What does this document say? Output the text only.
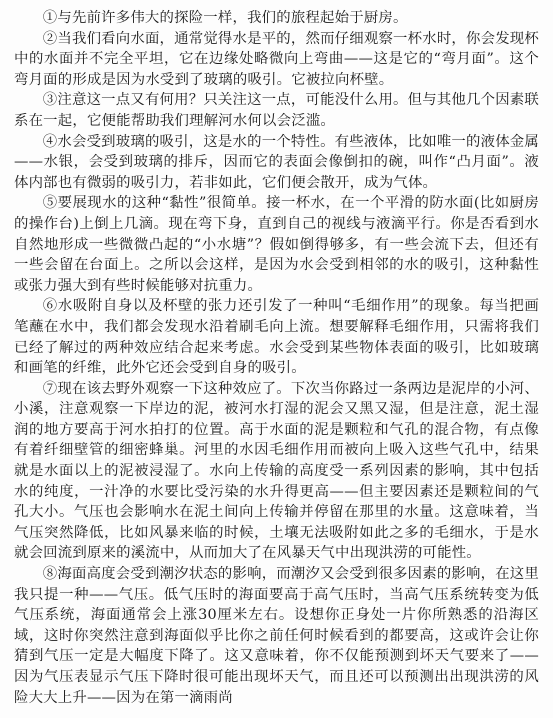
①与先前许多伟大的探险一样，我们的旅程起始于厨房。

②当我们看向水面，通常觉得水是平的，然而仔细观察一杯水时，你会发现杯中的水面并不完全平坦，它在边缘处略微向上弯曲——这是它的“弯月面”。这个弯月面的形成是因为水受到了玻璃的吸引。它被拉向杯壁。

③注意这一点又有何用？只关注这一点，可能没什么用。但与其他几个因素联系在一起，它便能帮助我们理解河水何以会泛滥。

④水会受到玻璃的吸引，这是水的一个特性。有些液体，比如唯一的液体金属——水银，会受到玻璃的排斥，因而它的表面会像倒扣的碗，叫作“凸月面”。液体内部也有微弱的吸引力，若非如此，它们便会散开，成为气体。

⑤要展现水的这种“黏性”很简单。接一杯水，在一个平滑的防水面(比如厨房的操作台)上倒上几滴。现在弯下身，直到自己的视线与液滴平行。你是否看到水自然地形成一些微微凸起的“小水塘”？假如倒得够多，有一些会流下去，但还有一些会留在台面上。之所以会这样，是因为水会受到相邻的水的吸引，这种黏性或张力强大到有些时候能够对抗重力。

⑥水吸附自身以及杯壁的张力还引发了一种叫“毛细作用”的现象。每当把画笔蘸在水中，我们都会发现水沿着刷毛向上流。想要解释毛细作用，只需将我们已经了解过的两种效应结合起来考虑。水会受到某些物体表面的吸引，比如玻璃和画笔的纤维，此外它还会受到自身的吸引。

⑦现在该去野外观察一下这种效应了。下次当你路过一条两边是泥岸的小河、小溪，注意观察一下岸边的泥，被河水打湿的泥会又黑又湿，但是注意，泥土湿润的地方要高于河水拍打的位置。高于水面的泥是颗粒和气孔的混合物，有点像有着纤细壁管的细密蜂巢。河里的水因毛细作用而被向上吸入这些气孔中，结果就是水面以上的泥被浸湿了。水向上传输的高度受一系列因素的影响，其中包括水的纯度，一汁净的水要比受污染的水升得更高——但主要因素还是颗粒间的气孔大小。气压也会影响水在泥土间向上传输并停留在那里的水量。这意味着，当气压突然降低，比如风暴来临的时候，土壤无法吸附如此之多的毛细水，于是水就会回流到原来的溪流中，从而加大了在风暴天气中出现洪涝的可能性。

⑧海面高度会受到潮汐状态的影响，而潮汐又会受到很多因素的影响，在这里我只提一种——气压。低气压时的海面要高于高气压时，当高气压系统转变为低气压系统，海面通常会上涨30厘米左右。设想你正身处一片你所熟悉的沿海区域，这时你突然注意到海面似乎比你之前任何时候看到的都要高，这或许会让你猜到气压一定是大幅度下降了。这又意味着，你不仅能预测到坏天气要来了——因为气压表显示气压下降时很可能出现坏天气，而且还可以预测出出现洪涝的风险大大上升——因为在第一滴雨尚
